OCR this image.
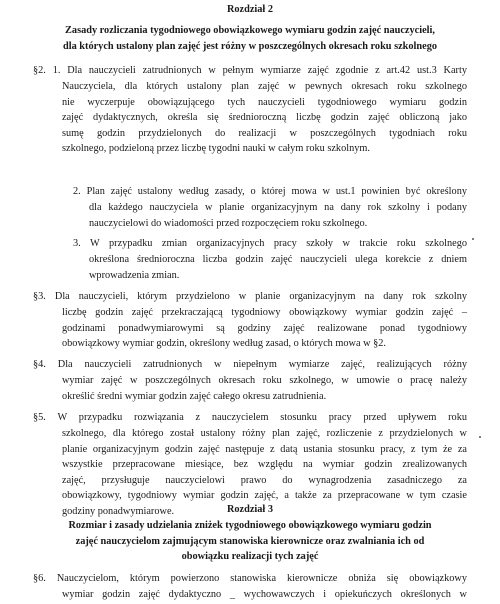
Rozdział 2
Zasady rozliczania tygodniowego obowiązkowego wymiaru godzin zajęć nauczycieli,
dla których ustalony plan zajęć jest różny w poszczególnych okresach roku szkolnego
§2. 1. Dla nauczycieli zatrudnionych w pełnym wymiarze zajęć zgodnie z art.42 ust.3 Karty
Nauczyciela, dla których ustalony plan zajęć w pewnych okresach roku szkolnego
nie wyczerpuje obowiązującego tych nauczycieli tygodniowego wymiaru godzin
zajęć dydaktycznych, określa się średnioroczną liczbę godzin zajęć obliczoną jako
sumę godzin przydzielonych do realizacji w poszczególnych tygodniach roku
szkolnego, podzieloną przez liczbę tygodni nauki w całym roku szkolnym.
2. Plan zajęć ustalony według zasady, o której mowa w ust.1 powinien być określony
dla każdego nauczyciela w planie organizacyjnym na dany rok szkolny i podany
nauczycielowi do wiadomości przed rozpoczęciem roku szkolnego.
3. W przypadku zmian organizacyjnych pracy szkoły w trakcie roku szkolnego
określona średnioroczna liczba godzin zajęć nauczycieli ulega korekcie z dniem
wprowadzenia zmian.
§3. Dla nauczycieli, którym przydzielono w planie organizacyjnym na dany rok szkolny
liczbę godzin zajęć przekraczającą tygodniowy obowiązkowy wymiar godzin zajęć –
godzinami ponadwymiarowymi są godziny zajęć realizowane ponad tygodniowy
obowiązkowy wymiar godzin, określony według zasad, o których mowa w §2.
§4. Dla nauczycieli zatrudnionych w niepełnym wymiarze zajęć, realizujących różny
wymiar zajęć w poszczególnych okresach roku szkolnego, w umowie o pracę należy
określić średni wymiar godzin zajęć całego okresu zatrudnienia.
§5. W przypadku rozwiązania z nauczycielem stosunku pracy przed upływem roku
szkolnego, dla którego został ustalony różny plan zajęć, rozliczenie z przydzielonych w
planie organizacyjnym godzin zajęć następuje z datą ustania stosunku pracy, z tym że za
wszystkie przepracowane miesiące, bez względu na wymiar godzin zrealizowanych
zajęć, przysługuje nauczycielowi prawo do wynagrodzenia zasadniczego za
obowiązkowy, tygodniowy wymiar godzin zajęć, a także za przepracowane w tym czasie
godziny ponadwymiarowe.	Rozdział 3
Rozmiar i zasady udzielania zniżek tygodniowego obowiązkowego wymiaru godzin
zajęć nauczycielom zajmującym stanowiska kierownicze oraz zwalniania ich od
obowiązku realizacji tych zajęć
§6. Nauczycielom, którym powierzono stanowiska kierownicze obniża się obowiązkowy
wymiar godzin zajęć dydaktyczno _ wychowawczych i opiekuńczych określonych w
